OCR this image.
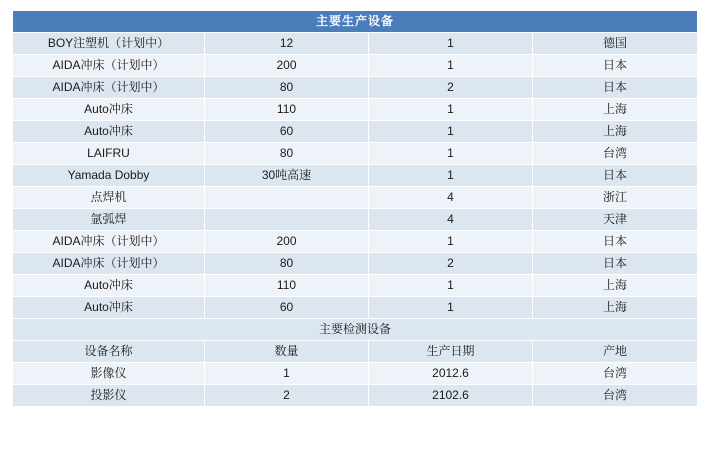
主要生产设备			
BOY注塑机（计划中）	12	1	德国
AIDA冲床（计划中）	200	1	日本
AIDA冲床（计划中）	80	2	日本
Auto冲床	110	1	上海
Auto冲床	60	1	上海
LAIFRU	80	1	台湾
Yamada Dobby	30吨高速	1	日本
点焊机		4	浙江
氩弧焊		4	天津
AIDA冲床（计划中）	200	1	日本
AIDA冲床（计划中）	80	2	日本
Auto冲床	110	1	上海
Auto冲床	60	1	上海
主要检测设备			
设备名称	数量	生产日期	产地
影像仪	1	2012.6	台湾
投影仪	2	2102.6	台湾
